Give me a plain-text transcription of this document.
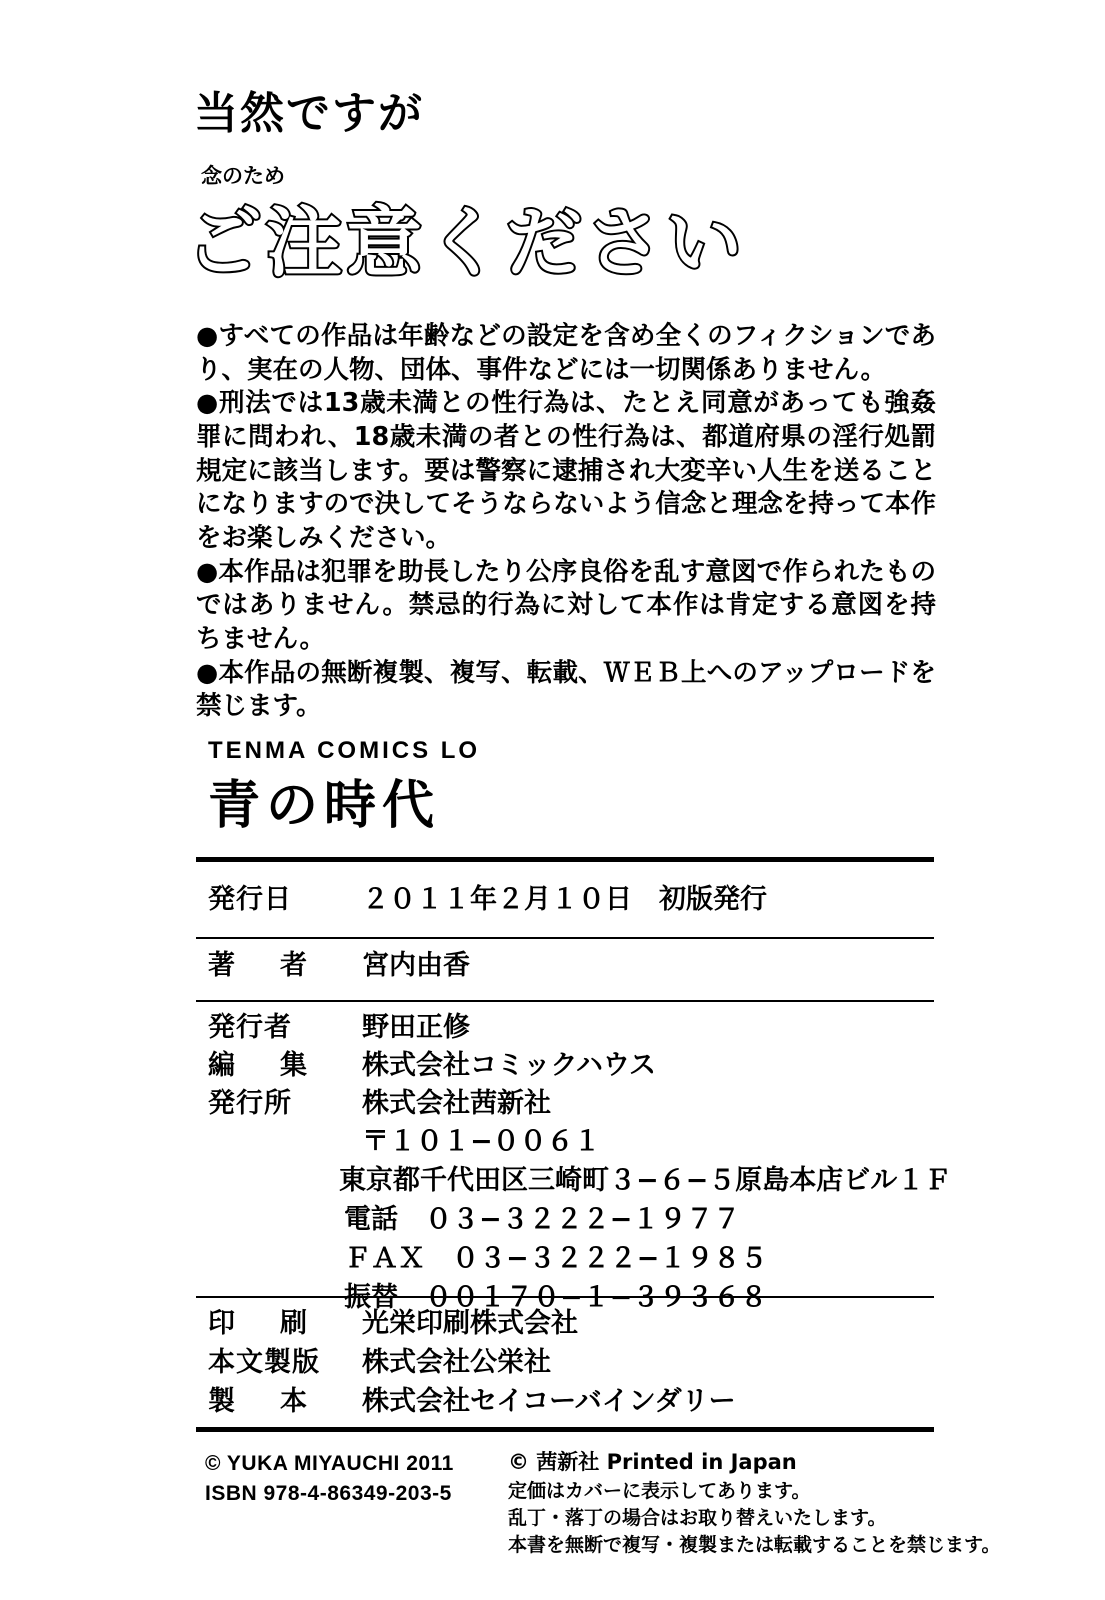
当然ですが
念のため
ご注意ください

●すべての作品は年齢などの設定を含め全くのフィクションであり、実在の人物、団体、事件などには一切関係ありません。

●刑法では13歳未満との性行為は、たとえ同意があっても強姦罪に問われ、18歳未満の者との性行為は、都道府県の淫行処罰規定に該当します。要は警察に逮捕され大変辛い人生を送ることになりますので決してそうならないよう信念と理念を持って本作をお楽しみください。

●本作品は犯罪を助長したり公序良俗を乱す意図で作られたものではありません。禁忌的行為に対して本作は肯定する意図を持ちません。

●本作品の無断複製、複写、転載、ＷＥＢ上へのアップロードを禁じます。

TENMA COMICS LO
青の時代
発行日	２０１１年２月１０日　初版発行
著　者 宮内由香
発行者	野田正修
編　集 株式会社コミックハウス
発行所	株式会社茜新社
〒１０１−００６１
東京都千代田区三崎町３−６−５原島本店ビル１Ｆ
電話　０３−３２２２−１９７７
ＦＡＸ　０３−３２２２−１９８５
振替　００１７０−１−３９３６８
印　刷 光栄印刷株式会社
本文製版 株式会社公栄社
製　本 株式会社セイコーバインダリー
© YUKA MIYAUCHI 2011
ISBN 978-4-86349-203-5
© 茜新社 Printed in Japan
定価はカバーに表示してあります。
乱丁・落丁の場合はお取り替えいたします。
本書を無断で複写・複製または転載することを禁じます。
